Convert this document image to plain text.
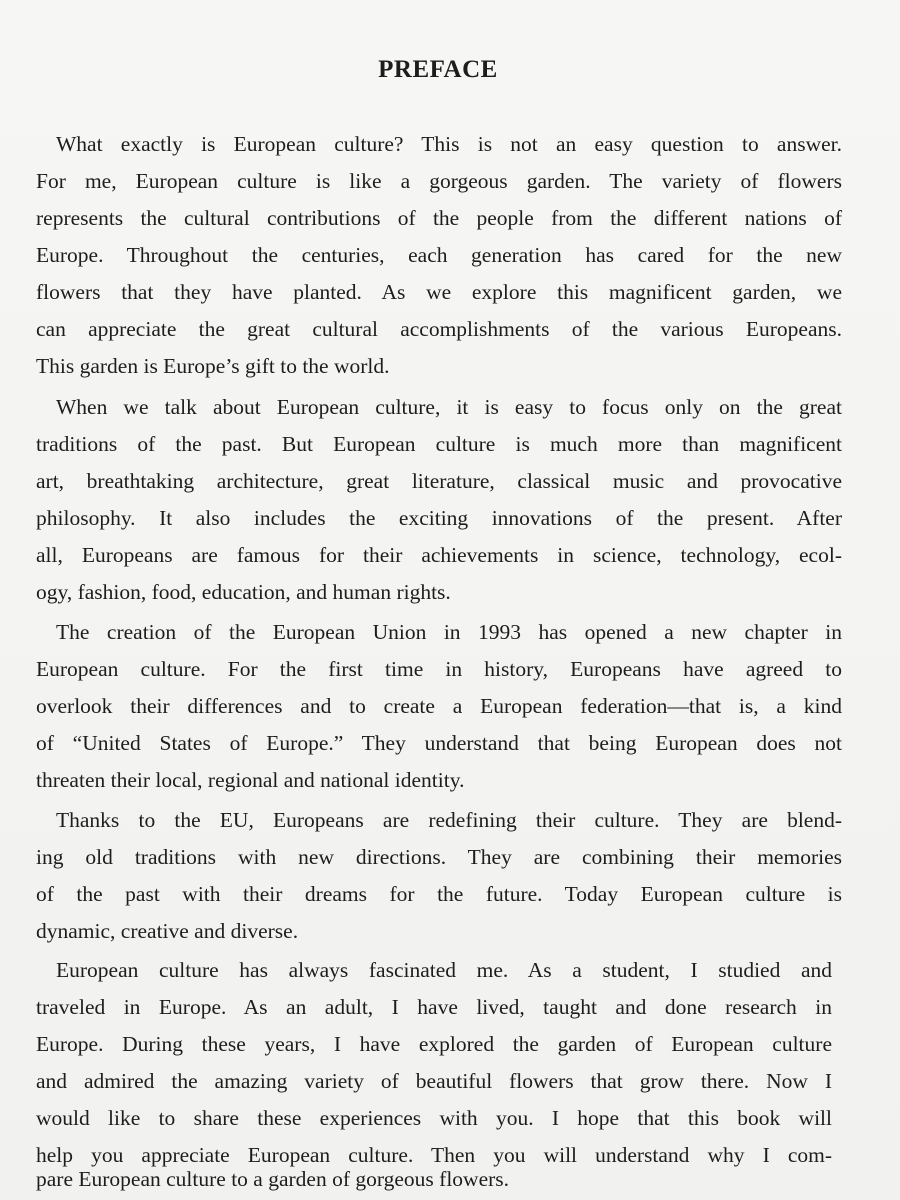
PREFACE
What exactly is European culture? This is not an easy question to answer.
For me, European culture is like a gorgeous garden. The variety of flowers
represents the cultural contributions of the people from the different nations of
Europe. Throughout the centuries, each generation has cared for the new
flowers that they have planted. As we explore this magnificent garden, we
can appreciate the great cultural accomplishments of the various Europeans.
This garden is Europe’s gift to the world.
When we talk about European culture, it is easy to focus only on the great
traditions of the past. But European culture is much more than magnificent
art, breathtaking architecture, great literature, classical music and provocative
philosophy. It also includes the exciting innovations of the present. After
all, Europeans are famous for their achievements in science, technology, ecol-
ogy, fashion, food, education, and human rights.
The creation of the European Union in 1993 has opened a new chapter in
European culture. For the first time in history, Europeans have agreed to
overlook their differences and to create a European federation—that is, a kind
of “United States of Europe.” They understand that being European does not
threaten their local, regional and national identity.
Thanks to the EU, Europeans are redefining their culture. They are blend-
ing old traditions with new directions. They are combining their memories
of the past with their dreams for the future. Today European culture is
dynamic, creative and diverse.
European culture has always fascinated me. As a student, I studied and
traveled in Europe. As an adult, I have lived, taught and done research in
Europe. During these years, I have explored the garden of European culture
and admired the amazing variety of beautiful flowers that grow there. Now I
would like to share these experiences with you. I hope that this book will
help you appreciate European culture. Then you will understand why I com-
pare European culture to a garden of gorgeous flowers.
